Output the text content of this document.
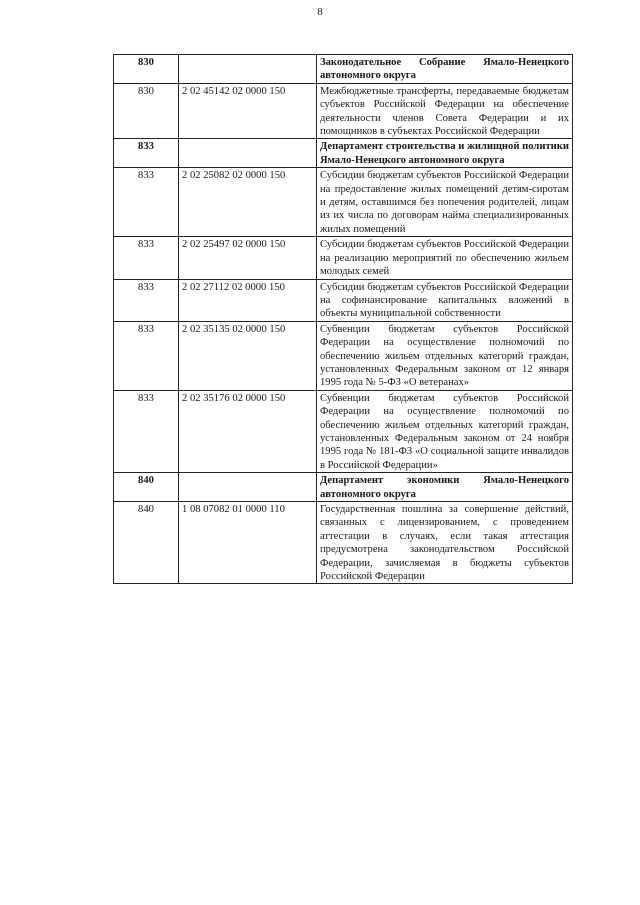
8
830		Законодательное Собрание Ямало-Ненецкого автономного округа
830	2 02 45142 02 0000 150	Межбюджетные трансферты, передаваемые бюджетам субъектов Российской Федерации на обеспечение деятельности членов Совета Федерации и их помощников в субъектах Российской Федерации
833		Департамент строительства и жилищной политики Ямало-Ненецкого автономного округа
833	2 02 25082 02 0000 150	Субсидии бюджетам субъектов Российской Федерации на предоставление жилых помещений детям-сиротам и детям, оставшимся без попечения родителей, лицам из их числа по договорам найма специализированных жилых помещений
833	2 02 25497 02 0000 150	Субсидии бюджетам субъектов Российской Федерации на реализацию мероприятий по обеспечению жильем молодых семей
833	2 02 27112 02 0000 150	Субсидии бюджетам субъектов Российской Федерации на софинансирование капитальных вложений в объекты муниципальной собственности
833	2 02 35135 02 0000 150	Субвенции бюджетам субъектов Российской Федерации на осуществление полномочий по обеспечению жильем отдельных категорий граждан, установленных Федеральным законом от 12 января 1995 года № 5-ФЗ «О ветеранах»
833	2 02 35176 02 0000 150	Субвенции бюджетам субъектов Российской Федерации на осуществление полномочий по обеспечению жильем отдельных категорий граждан, установленных Федеральным законом от 24 ноября 1995 года № 181-ФЗ «О социальной защите инвалидов в Российской Федерации»
840		Департамент экономики Ямало-Ненецкого автономного округа
840	1 08 07082 01 0000 110	Государственная пошлина за совершение действий, связанных с лицензированием, с проведением аттестации в случаях, если такая аттестация предусмотрена законодательством Российской Федерации, зачисляемая в бюджеты субъектов Российской Федерации
